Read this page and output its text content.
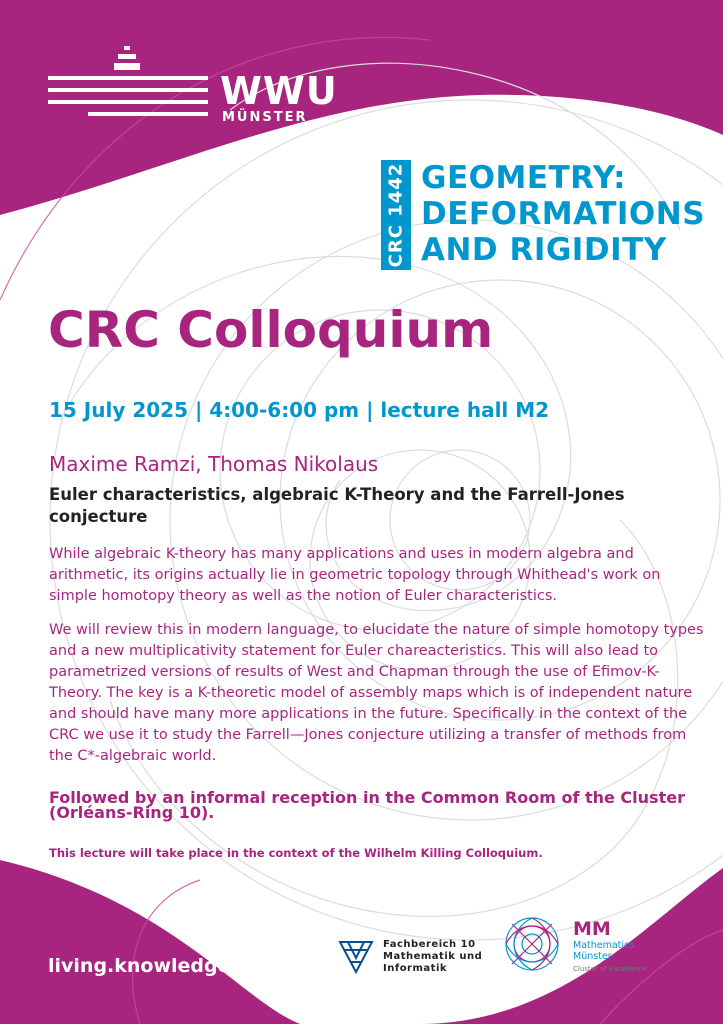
WWU
MÜNSTER
CRC 1442 GEOMETRY:
DEFORMATIONS
AND RIGIDITY
CRC Colloquium
15 July 2025 | 4:00-6:00 pm | lecture hall M2
Maxime Ramzi, Thomas Nikolaus
Euler characteristics, algebraic K-Theory and the Farrell-Jones conjecture
While algebraic K-theory has many applications and uses in modern algebra and arithmetic, its origins actually lie in geometric topology through Whithead's work on simple homotopy theory as well as the notion of Euler characteristics.
We will review this in modern language, to elucidate the nature of simple homotopy types and a new multiplicativity statement for Euler chareacteristics. This will also lead to parametrized versions of results of West and Chapman through the use of Efimov-K-Theory. The key is a K-theoretic model of assembly maps which is of independent nature and should have many more applications in the future. Specifically in the context of the CRC we use it to study the Farrell—Jones conjecture utilizing a transfer of methods from the C*-algebraic world.
Followed by an informal reception in the Common Room of the Cluster (Orléans-Ring 10).
This lecture will take place in the context of the Wilhelm Killing Colloquium.
living.knowledge
Fachbereich 10
Mathematik und
Informatik
MM
Mathematics
Münster
Cluster of Excellence
